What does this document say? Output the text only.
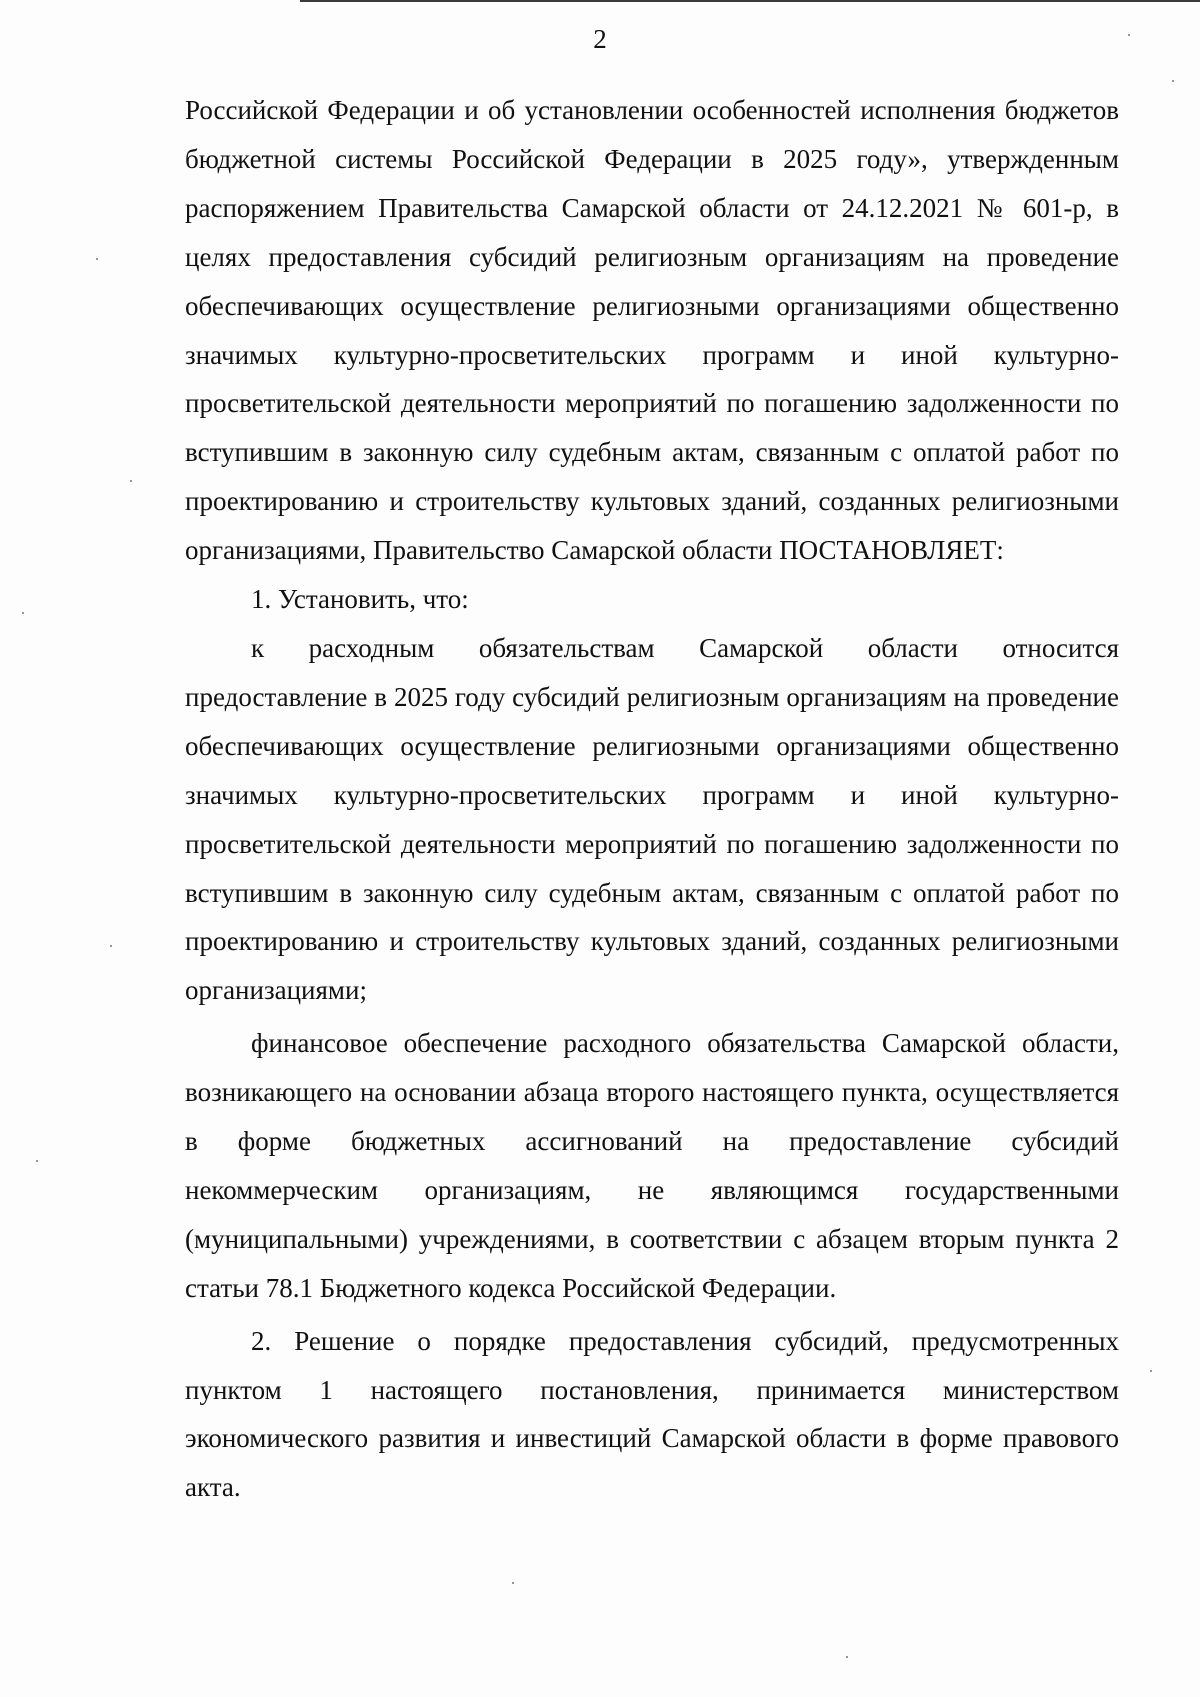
2

Российской Федерации и об установлении особенностей исполнения бюджетов бюджетной системы Российской Федерации в 2025 году», утвержденным распоряжением Правительства Самарской области от 24.12.2021 № 601-р, в целях предоставления субсидий религиозным организациям на проведение обеспечивающих осуществление религиозными организациями общественно значимых культурно-просветительских программ и иной культурно-просветительской деятельности мероприятий по погашению задолженности по вступившим в законную силу судебным актам, связанным с оплатой работ по проектированию и строительству культовых зданий, созданных религиозными организациями, Правительство Самарской области ПОСТАНОВЛЯЕТ:

1. Установить, что:

к расходным обязательствам Самарской области относится предоставление в 2025 году субсидий религиозным организациям на проведение обеспечивающих осуществление религиозными организациями общественно значимых культурно-просветительских программ и иной культурно-просветительской деятельности мероприятий по погашению задолженности по вступившим в законную силу судебным актам, связанным с оплатой работ по проектированию и строительству культовых зданий, созданных религиозными организациями;

финансовое обеспечение расходного обязательства Самарской области, возникающего на основании абзаца второго настоящего пункта, осуществляется в форме бюджетных ассигнований на предоставление субсидий некоммерческим организациям, не являющимся государственными (муниципальными) учреждениями, в соответствии с абзацем вторым пункта 2 статьи 78.1 Бюджетного кодекса Российской Федерации.

2. Решение о порядке предоставления субсидий, предусмотренных пунктом 1 настоящего постановления, принимается министерством экономического развития и инвестиций Самарской области в форме правового акта.
